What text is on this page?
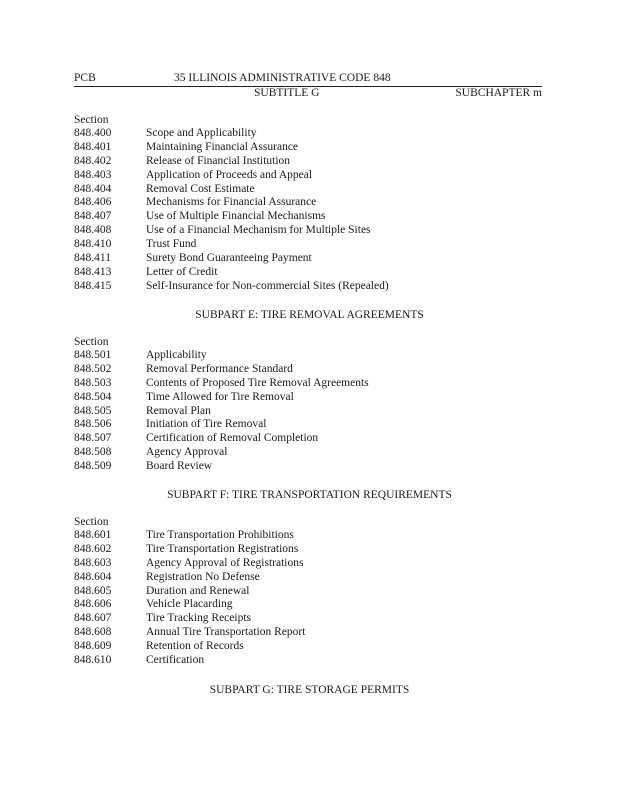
PCB	35 ILLINOIS ADMINISTRATIVE CODE 848
SUBTITLE G	SUBCHAPTER m
Section
848.400	Scope and Applicability
848.401	Maintaining Financial Assurance
848.402	Release of Financial Institution
848.403	Application of Proceeds and Appeal
848.404	Removal Cost Estimate
848.406	Mechanisms for Financial Assurance
848.407	Use of Multiple Financial Mechanisms
848.408	Use of a Financial Mechanism for Multiple Sites
848.410	Trust Fund
848.411	Surety Bond Guaranteeing Payment
848.413	Letter of Credit
848.415	Self-Insurance for Non-commercial Sites (Repealed)
SUBPART E: TIRE REMOVAL AGREEMENTS
Section
848.501	Applicability
848.502	Removal Performance Standard
848.503	Contents of Proposed Tire Removal Agreements
848.504	Time Allowed for Tire Removal
848.505	Removal Plan
848.506	Initiation of Tire Removal
848.507	Certification of Removal Completion
848.508	Agency Approval
848.509	Board Review
SUBPART F: TIRE TRANSPORTATION REQUIREMENTS
Section
848.601	Tire Transportation Prohibitions
848.602	Tire Transportation Registrations
848.603	Agency Approval of Registrations
848.604	Registration No Defense
848.605	Duration and Renewal
848.606	Vehicle Placarding
848.607	Tire Tracking Receipts
848.608	Annual Tire Transportation Report
848.609	Retention of Records
848.610	Certification
SUBPART G: TIRE STORAGE PERMITS
